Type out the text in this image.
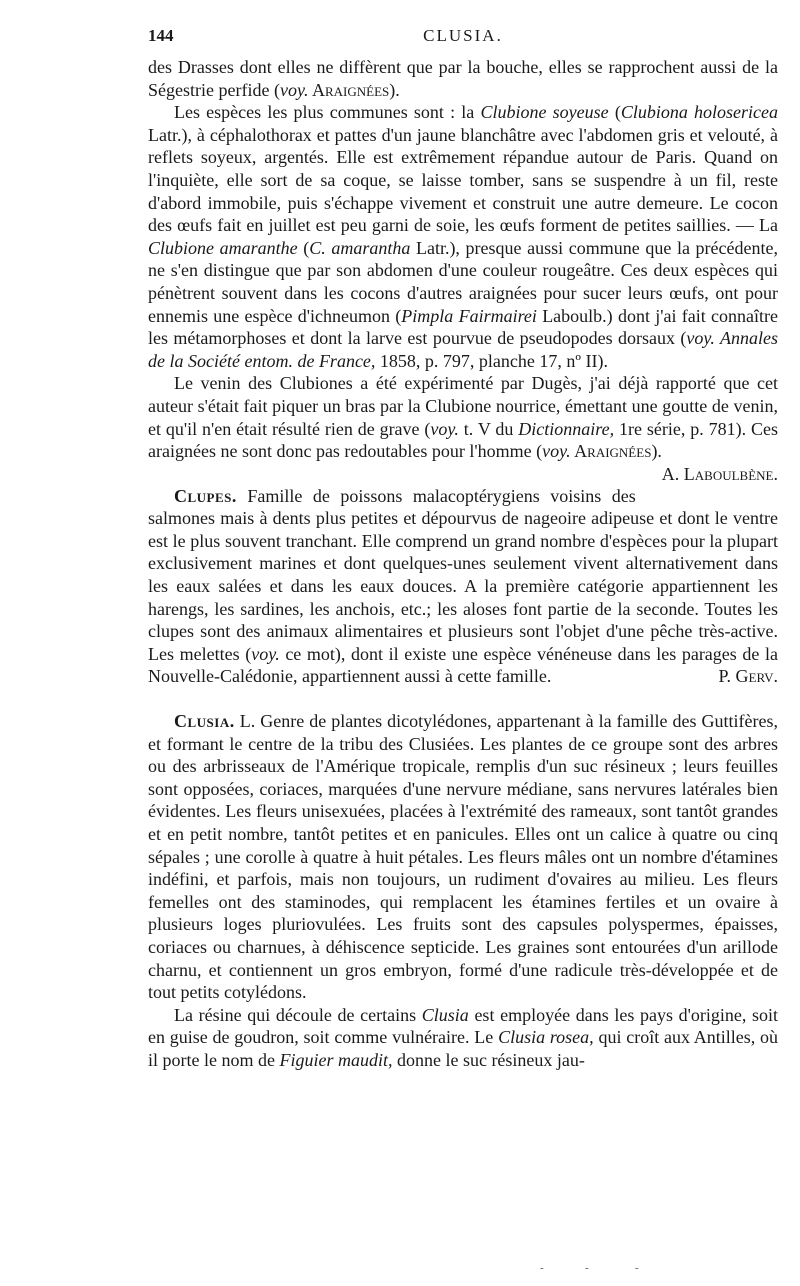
144	CLUSIA.

des Drasses dont elles ne diffèrent que par la bouche, elles se rapprochent aussi de la Ségestrie perfide (voy. Araignées).

Les espèces les plus communes sont : la Clubione soyeuse (Clubiona holosericea Latr.), à céphalothorax et pattes d'un jaune blanchâtre avec l'abdomen gris et velouté, à reflets soyeux, argentés. Elle est extrêmement répandue autour de Paris. Quand on l'inquiète, elle sort de sa coque, se laisse tomber, sans se suspendre à un fil, reste d'abord immobile, puis s'échappe vivement et construit une autre demeure. Le cocon des œufs fait en juillet est peu garni de soie, les œufs forment de petites saillies. — La Clubione amaranthe (C. amarantha Latr.), presque aussi commune que la précédente, ne s'en distingue que par son abdomen d'une couleur rougeâtre. Ces deux espèces qui pénètrent souvent dans les cocons d'autres araignées pour sucer leurs œufs, ont pour ennemis une espèce d'ichneumon (Pimpla Fairmairei Laboulb.) dont j'ai fait connaître les métamorphoses et dont la larve est pourvue de pseudopodes dorsaux (voy. Annales de la Société entom. de France, 1858, p. 797, planche 17, nº II).

Le venin des Clubiones a été expérimenté par Dugès, j'ai déjà rapporté que cet auteur s'était fait piquer un bras par la Clubione nourrice, émettant une goutte de venin, et qu'il n'en était résulté rien de grave (voy. t. V du Dictionnaire, 1re série, p. 781). Ces araignées ne sont donc pas redoutables pour l'homme (voy. Araignées).
A. Laboulbène.

Clupes. Famille de poissons malacoptérygiens voisins des salmones mais à dents plus petites et dépourvus de nageoire adipeuse et dont le ventre est le plus souvent tranchant. Elle comprend un grand nombre d'espèces pour la plupart exclusivement marines et dont quelques-unes seulement vivent alternativement dans les eaux salées et dans les eaux douces. A la première catégorie appartiennent les harengs, les sardines, les anchois, etc.; les aloses font partie de la seconde. Toutes les clupes sont des animaux alimentaires et plusieurs sont l'objet d'une pêche très-active. Les melettes (voy. ce mot), dont il existe une espèce vénéneuse dans les parages de la Nouvelle-Calédonie, appartiennent aussi à cette famille.	P. Gerv.

Clusia. L. Genre de plantes dicotylédones, appartenant à la famille des Guttifères, et formant le centre de la tribu des Clusiées. Les plantes de ce groupe sont des arbres ou des arbrisseaux de l'Amérique tropicale, remplis d'un suc résineux ; leurs feuilles sont opposées, coriaces, marquées d'une nervure médiane, sans nervures latérales bien évidentes. Les fleurs unisexuées, placées à l'extrémité des rameaux, sont tantôt grandes et en petit nombre, tantôt petites et en panicules. Elles ont un calice à quatre ou cinq sépales ; une corolle à quatre à huit pétales. Les fleurs mâles ont un nombre d'étamines indéfini, et parfois, mais non toujours, un rudiment d'ovaires au milieu. Les fleurs femelles ont des staminodes, qui remplacent les étamines fertiles et un ovaire à plusieurs loges pluriovulées. Les fruits sont des capsules polyspermes, épaisses, coriaces ou charnues, à déhiscence septicide. Les graines sont entourées d'un arillode charnu, et contiennent un gros embryon, formé d'une radicule très-développée et de tout petits cotylédons.

La résine qui découle de certains Clusia est employée dans les pays d'origine, soit en guise de goudron, soit comme vulnéraire. Le Clusia rosea, qui croît aux Antilles, où il porte le nom de Figuier maudit, donne le suc résineux jau-

-	-	-
